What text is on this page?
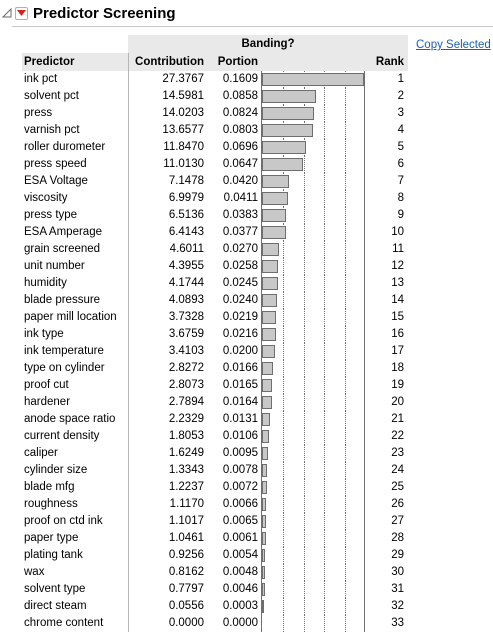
Predictor Screening
Copy Selected
	Banding?			
Predictor	Contribution	Portion		Rank
ink pct	27.3767	0.1609		1
solvent pct	14.5981	0.0858		2
press	14.0203	0.0824		3
varnish pct	13.6577	0.0803		4
roller durometer	11.8470	0.0696		5
press speed	11.0130	0.0647		6
ESA Voltage	7.1478	0.0420		7
viscosity	6.9979	0.0411		8
press type	6.5136	0.0383		9
ESA Amperage	6.4143	0.0377		10
grain screened	4.6011	0.0270		11
unit number	4.3955	0.0258		12
humidity	4.1744	0.0245		13
blade pressure	4.0893	0.0240		14
paper mill location	3.7328	0.0219		15
ink type	3.6759	0.0216		16
ink temperature	3.4103	0.0200		17
type on cylinder	2.8272	0.0166		18
proof cut	2.8073	0.0165		19
hardener	2.7894	0.0164		20
anode space ratio	2.2329	0.0131		21
current density	1.8053	0.0106		22
caliper	1.6249	0.0095		23
cylinder size	1.3343	0.0078		24
blade mfg	1.2237	0.0072		25
roughness	1.1170	0.0066		26
proof on ctd ink	1.1017	0.0065		27
paper type	1.0461	0.0061		28
plating tank	0.9256	0.0054		29
wax	0.8162	0.0048		30
solvent type	0.7797	0.0046		31
direct steam	0.0556	0.0003		32
chrome content	0.0000	0.0000		33
